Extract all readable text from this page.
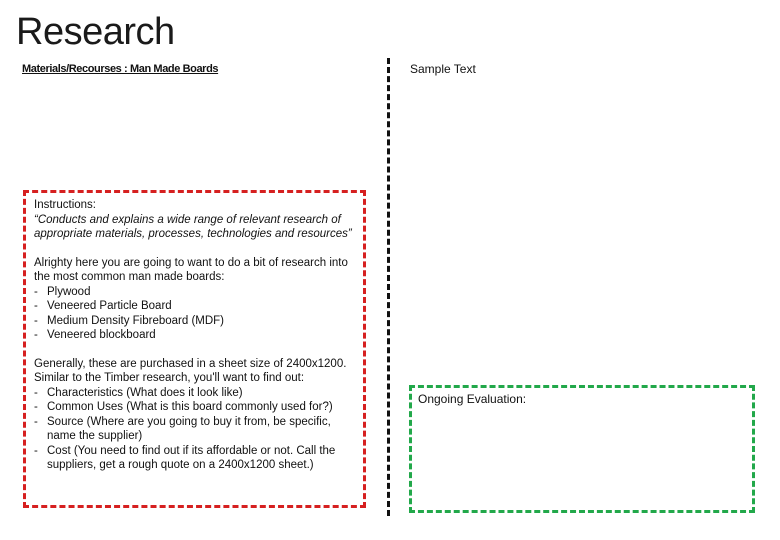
Research
Materials/Recourses : Man Made Boards	Sample Text

Instructions:

“Conducts and explains a wide range of relevant research of appropriate materials, processes, technologies and resources”

Alrighty here you are going to want to do a bit of research into the most common man made boards:
- Plywood
- Veneered Particle Board
- Medium Density Fibreboard (MDF)
- Veneered blockboard
Generally, these are purchased in a sheet size of 2400x1200.
Similar to the Timber research, you'll want to find out:
- Characteristics (What does it look like)
- Common Uses (What is this board commonly used for?)
- Source (Where are you going to buy it from, be specific, name the supplier)
- Cost (You need to find out if its affordable or not. Call the suppliers, get a rough quote on a 2400x1200 sheet.)
Ongoing Evaluation:
